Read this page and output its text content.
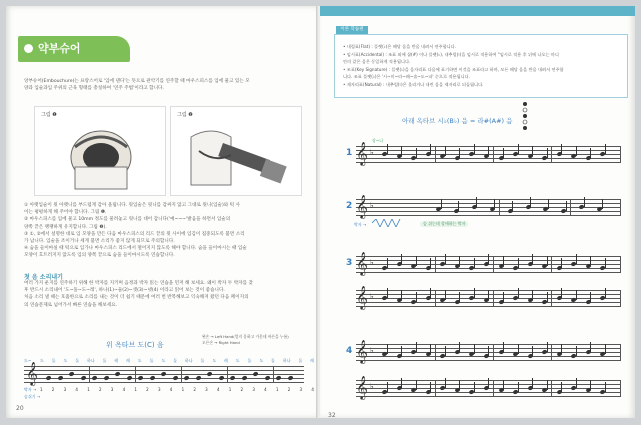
약부슈어
앙부슈어(Embouchure)는 프랑스어로 '입에 댄다'는 뜻으로 관악기를 연주할 때 마우스피스를 입에 물고 있는 모
양과 입술과입 주위의 근육 형태를 총칭하여 '연주 주법'이라고 합니다.
그림 ❶	그림 ❷
① 아랫입술이 윗 아랫니를 부드럽게 감아 올립니다. 윗입술은 윗니를 감싸지 않고 그대로 윗니(입술)와 턱 사
이는 평평하게 해 주어야 합니다. 그림 ❶.
② 마우스피스를 입에 물고 10mm 정도를 물려놓고 윗니를 대어 갑니다('예~~~'발음을 하면서 입술의
양쪽 끝은 팽팽하게 유지합니다. 그림 ❷).
③ ①, ②에서 설명한 대로 입 모양을 만든 다음 마우스피스의 리드 끝의 윗 사이에 입김이 집중되도록 불면 소리
가 납니다. 입술을 조이거나 세게 불면 소리가 좋지 않게 되므로 주의합니다.
④ 숨을 들이마실 때 턱으로 입가나 마우스피스 리드에서 떨어지지 않도록 해야 합니다. 숨을 들이마시는 때 입술
모양이 흐트러지지 않도록 입의 양쪽 끝으로 숨을 들이마시도록 연습합니다.
첫 음 소리내기
여러 가지 운지를 연주하기 위해 한 박자를 지키며 음정과 박자 읽는 연습을 먼저 해 보세요. 왜이 박자 두 박자를 찾
후 반드시 소리내어 '도~돌~도~레', 하나(1)~둘(2)~셋(3)~넷(4) 이라고 읽어 보는 것이 좋습니다.
처음 소리 낼 때는 호흡한으로 소리를 내는 것이 더 쉽기 때문에 여러 번 반복해보고 익숙해져 왔던 다음 페이지의
의 연습문제로 넘어가서 빠른 연습을 해보세요.
위 옥타브 도(C) 음
왼손 → Left Hand(엄지 음하고 가운데 바른을 누름)
오른손 → Right Hand
도~	도 돌 도 돌 하나 돌 레 레 도 돌 도 돌 하나 돌 도 레 도 돌 도 돌 하나 돌 레
𝄞
박자 → 1 2 3 4 1 2 3 4 1 2 3 4 1 2 3 4 1 2 3 4 1 2 3 4
숨쉬기 →
20
• 내림표(Flat) : 플랫(♭)은 해당 음을 반음 내려서 연주합니다.
• 임시표(Accidental) : 조표 외에 샵(#) 이나 플랫(♭), 내추럴(♮)을 임시로 적용하여 "임시로 적용 후 뒤에 나오는 마디
안의 같은 음은 동일하게 적용됩니다.
• 조표(Key Signature) : 플랫(♭)을 음자리표 다음에 표기하면 이것을 조표라고 하며, 모든 해당 음을 반음 내려서 연주합
니다. 조표 플랫(♭)은 '시~미~라~레~솔~도~파' 순으로 적용됩니다.
• 제자리표(Natural) : 내추럴(♮)은 올리거나 내린 음을 제자리로 되돌립니다.
이론 학습편
아래 옥타브 시♭(B♭) 음 = 라#(A#) 음
𝄞 ♭
𝄞 ♭
𝄞 ♭
𝄞 ♭
𝄞 ♭
𝄞 ♭
1
2
3
4
장~나
숨 쉬는데 할애하는 박자
박자 →
32
